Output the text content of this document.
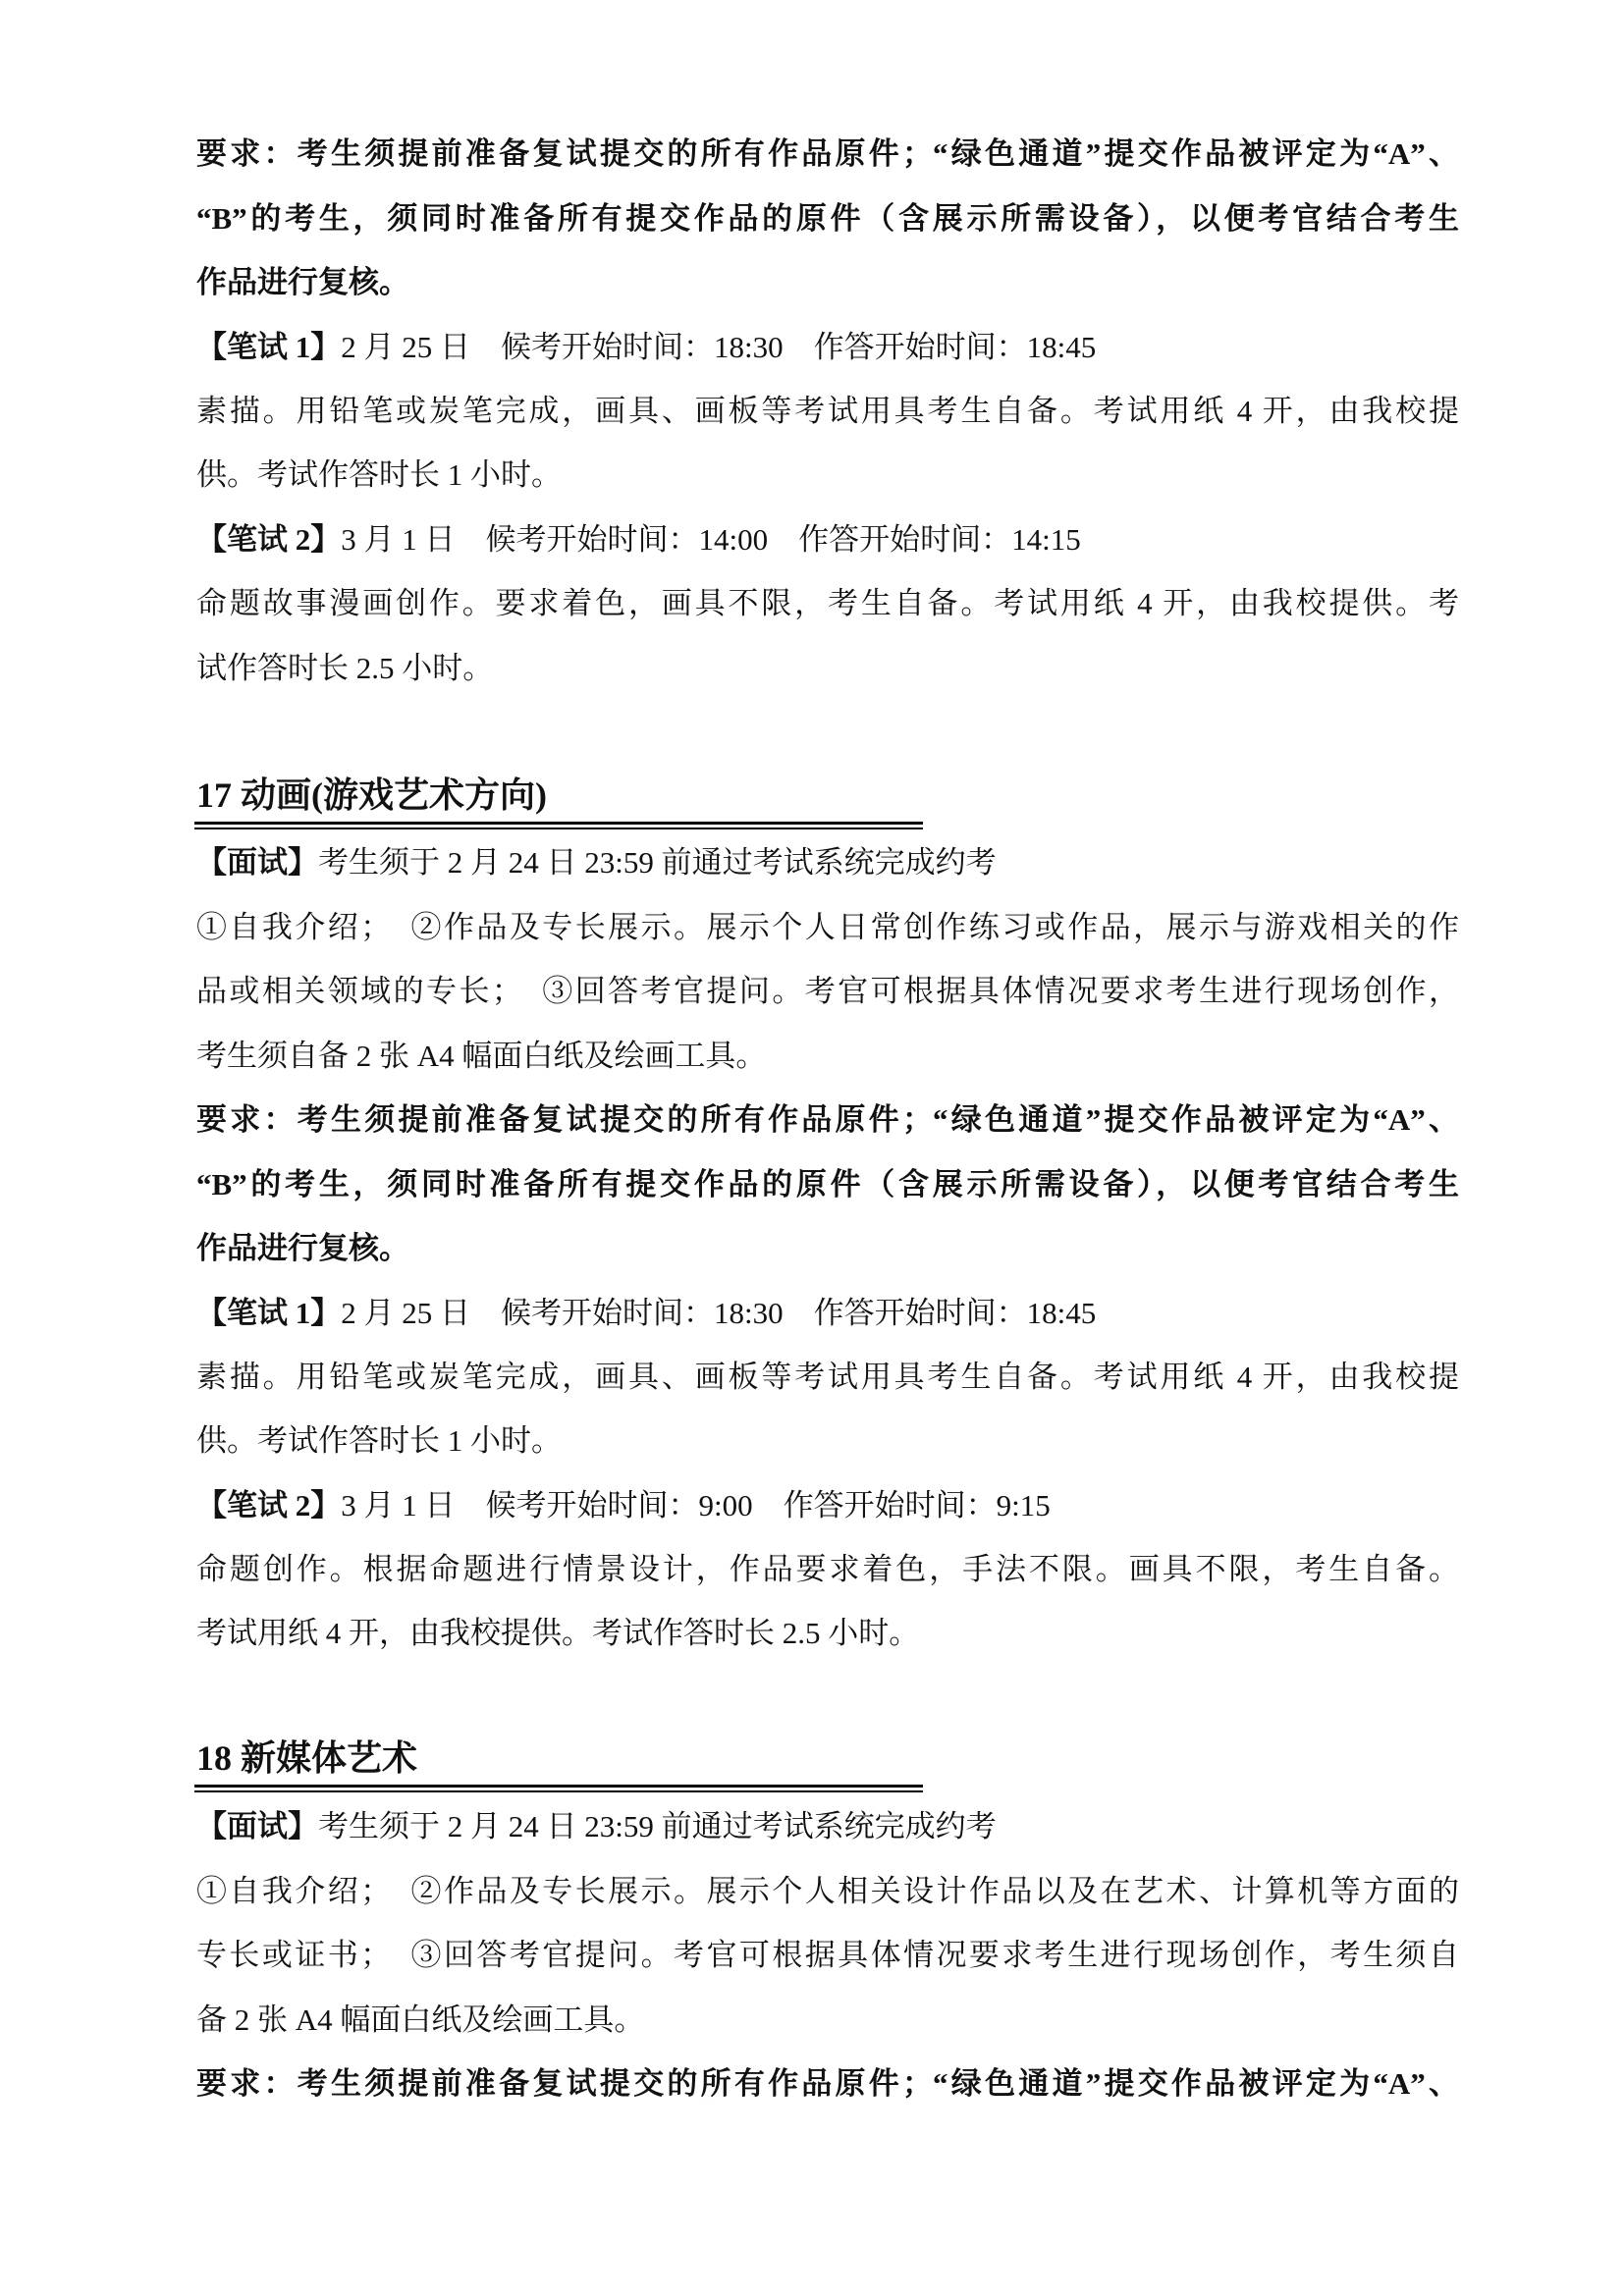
要求：考生须提前准备复试提交的所有作品原件；“绿色通道”提交作品被评定为“A”、
“B”的考生，须同时准备所有提交作品的原件（含展示所需设备），以便考官结合考生
作品进行复核。
【笔试 1】2 月 25 日　候考开始时间：18:30　作答开始时间：18:45
素描。用铅笔或炭笔完成，画具、画板等考试用具考生自备。考试用纸 4 开，由我校提
供。考试作答时长 1 小时。
【笔试 2】3 月 1 日　候考开始时间：14:00　作答开始时间：14:15
命题故事漫画创作。要求着色，画具不限，考生自备。考试用纸 4 开，由我校提供。考
试作答时长 2.5 小时。
17 动画(游戏艺术方向)
【面试】考生须于 2 月 24 日 23:59 前通过考试系统完成约考
①自我介绍；　②作品及专长展示。展示个人日常创作练习或作品，展示与游戏相关的作
品或相关领域的专长；　③回答考官提问。考官可根据具体情况要求考生进行现场创作，
考生须自备 2 张 A4 幅面白纸及绘画工具。
要求：考生须提前准备复试提交的所有作品原件；“绿色通道”提交作品被评定为“A”、
“B”的考生，须同时准备所有提交作品的原件（含展示所需设备），以便考官结合考生
作品进行复核。
【笔试 1】2 月 25 日　候考开始时间：18:30　作答开始时间：18:45
素描。用铅笔或炭笔完成，画具、画板等考试用具考生自备。考试用纸 4 开，由我校提
供。考试作答时长 1 小时。
【笔试 2】3 月 1 日　候考开始时间：9:00　作答开始时间：9:15
命题创作。根据命题进行情景设计，作品要求着色，手法不限。画具不限，考生自备。
考试用纸 4 开，由我校提供。考试作答时长 2.5 小时。
18 新媒体艺术
【面试】考生须于 2 月 24 日 23:59 前通过考试系统完成约考
①自我介绍；　②作品及专长展示。展示个人相关设计作品以及在艺术、计算机等方面的
专长或证书；　③回答考官提问。考官可根据具体情况要求考生进行现场创作，考生须自
备 2 张 A4 幅面白纸及绘画工具。
要求：考生须提前准备复试提交的所有作品原件；“绿色通道”提交作品被评定为“A”、
